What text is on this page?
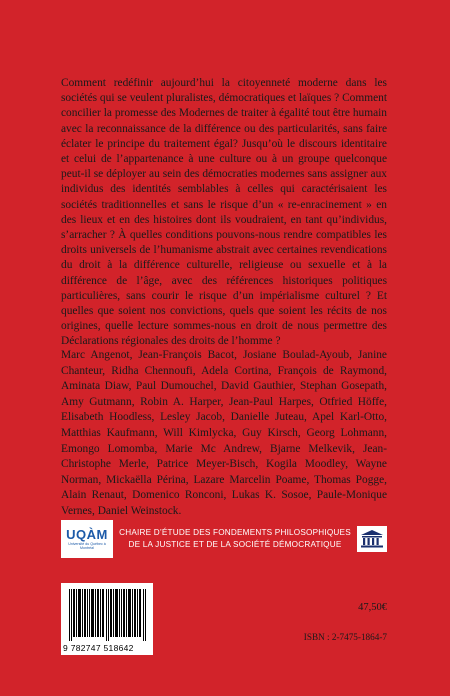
Comment redéfinir aujourd’hui la citoyenneté moderne dans les sociétés qui se veulent pluralistes, démocratiques et laïques ? Comment concilier la promesse des Modernes de traiter à égalité tout être humain avec la reconnaissance de la différence ou des particularités, sans faire éclater le principe du traitement égal? Jusqu’où le discours identitaire et celui de l’appartenance à une culture ou à un groupe quelconque peut-il se déployer au sein des démocraties modernes sans assigner aux individus des identités semblables à celles qui caractérisaient les sociétés traditionnelles et sans le risque d’un « re-enracinement » en des lieux et en des histoires dont ils voudraient, en tant qu’individus, s’arracher ? À quelles conditions pouvons-nous rendre compatibles les droits universels de l’humanisme abstrait avec certaines revendications du droit à la différence culturelle, religieuse ou sexuelle et à la différence de l’âge, avec des références historiques politiques particulières, sans courir le risque d’un impérialisme culturel ? Et quelles que soient nos convictions, quels que soient les récits de nos origines, quelle lecture sommes-nous en droit de nous permettre des Déclarations régionales des droits de l’homme ?

Marc Angenot, Jean-François Bacot, Josiane Boulad-Ayoub, Janine Chanteur, Ridha Chennoufi, Adela Cortina, François de Raymond, Aminata Diaw, Paul Dumouchel, David Gauthier, Stephan Gosepath, Amy Gutmann, Robin A. Harper, Jean-Paul Harpes, Otfried Höffe, Elisabeth Hoodless, Lesley Jacob, Danielle Juteau, Apel Karl-Otto, Matthias Kaufmann, Will Kimlycka, Guy Kirsch, Georg Lohmann, Emongo Lomomba, Marie Mc Andrew, Bjarne Melkevik, Jean-Christophe Merle, Patrice Meyer-Bisch, Kogila Moodley, Wayne Norman, Mickaëlla Périna, Lazare Marcelin Poame, Thomas Pogge, Alain Renaut, Domenico Ronconi, Lukas K. Sosoe, Paule-Monique Vernes, Daniel Weinstock.

UQÀM
Université du Québec à Montréal
CHAIRE D’ÉTUDE DES FONDEMENTS PHILOSOPHIQUES
DE LA JUSTICE ET DE LA SOCIÉTÉ DÉMOCRATIQUE
9 782747 518642
47,50€
ISBN : 2-7475-1864-7
